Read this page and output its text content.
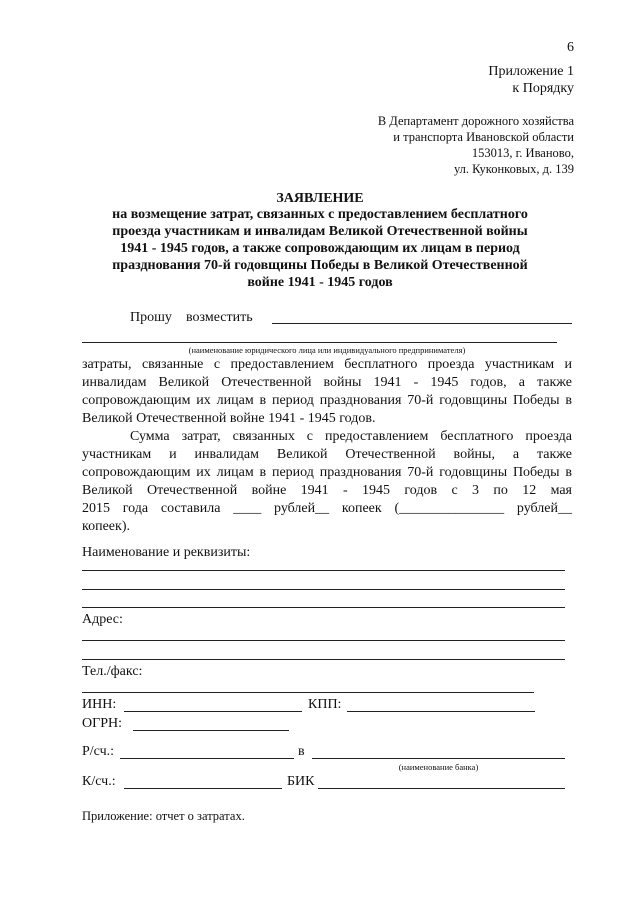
6
Приложение 1
к Порядку
В Департамент дорожного хозяйства
и транспорта Ивановской области
153013, г. Иваново,
ул. Куконковых, д. 139
ЗАЯВЛЕНИЕ
на возмещение затрат, связанных с предоставлением бесплатного
проезда участникам и инвалидам Великой Отечественной войны
1941 - 1945 годов, а также сопровождающим их лицам в период
празднования 70-й годовщины Победы в Великой Отечественной
войне 1941 - 1945 годов
Прошу возместить
(наименование юридического лица или индивидуального предпринимателя)

затраты, связанные с предоставлением бесплатного проезда участникам и инвалидам Великой Отечественной войны 1941 - 1945 годов, а также сопровождающим их лицам в период празднования 70-й годовщины Победы в Великой Отечественной войне 1941 - 1945 годов.

Сумма затрат, связанных с предоставлением бесплатного проезда участникам и инвалидам Великой Отечественной войны, а также сопровождающим их лицам в период празднования 70-й годовщины Победы в Великой Отечественной войне 1941 - 1945 годов с 3 по 12 мая

2015 года составила ____ рублей__ копеек (_______________ рублей__

копеек).

Наименование и реквизиты:
Адрес:
Тел./факс:
ИНН:	КПП:
ОГРН:
Р/сч.:	в
(наименование банка)
К/сч.:	БИК
Приложение: отчет о затратах.
